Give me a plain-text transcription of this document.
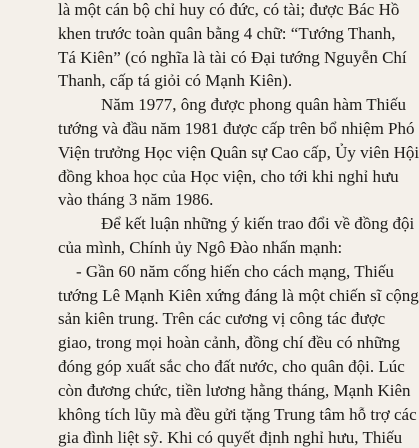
là một cán bộ chỉ huy có đức, có tài; được Bác Hồ
khen trước toàn quân bằng 4 chữ: “Tướng Thanh,
Tá Kiên” (có nghĩa là tài có Đại tướng Nguyễn Chí
Thanh, cấp tá giỏi có Mạnh Kiên).
Năm 1977, ông được phong quân hàm Thiếu
tướng và đầu năm 1981 được cấp trên bổ nhiệm Phó
Viện trưởng Học viện Quân sự Cao cấp, Ủy viên Hội
đồng khoa học của Học viện, cho tới khi nghỉ hưu
vào tháng 3 năm 1986.
Để kết luận những ý kiến trao đổi về đồng đội
của mình, Chính ủy Ngô Đào nhấn mạnh:
- Gần 60 năm cống hiến cho cách mạng, Thiếu
tướng Lê Mạnh Kiên xứng đáng là một chiến sĩ cộng
sản kiên trung. Trên các cương vị công tác được
giao, trong mọi hoàn cảnh, đồng chí đều có những
đóng góp xuất sắc cho đất nước, cho quân đội. Lúc
còn đương chức, tiền lương hằng tháng, Mạnh Kiên
không tích lũy mà đều gửi tặng Trung tâm hỗ trợ các
gia đình liệt sỹ. Khi có quyết định nghỉ hưu, Thiếu
